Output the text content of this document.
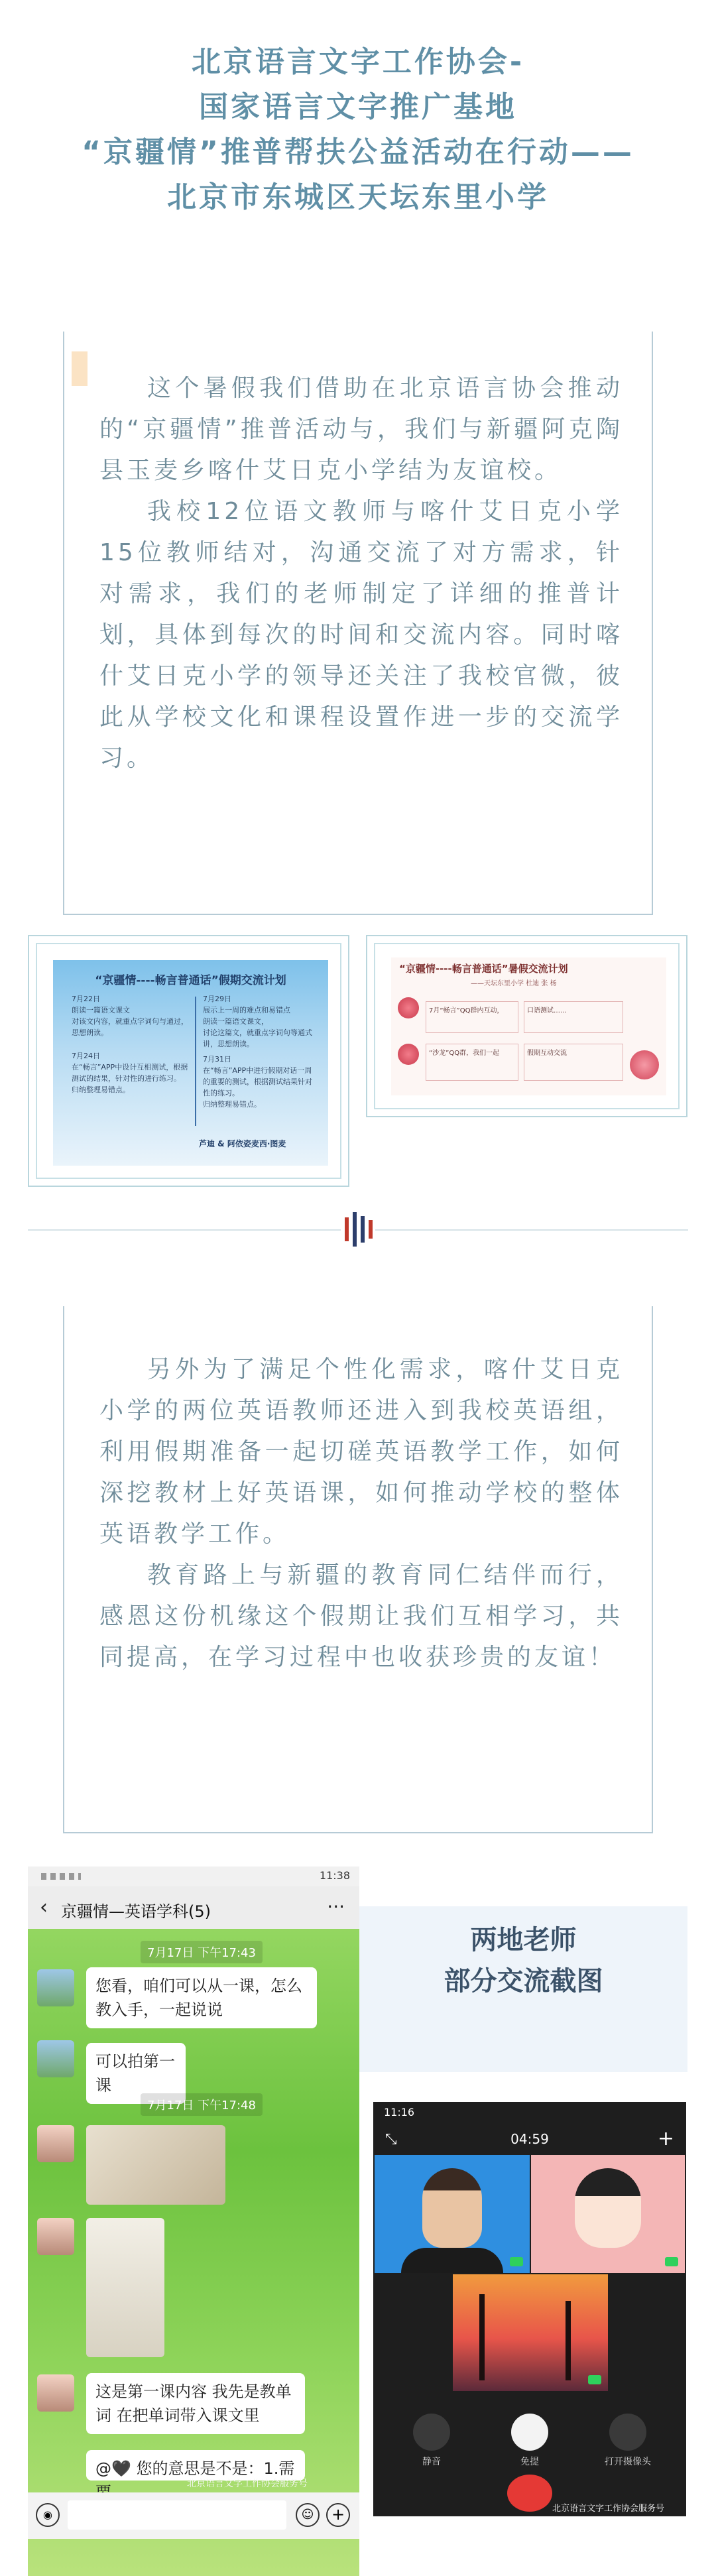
北京语言文字工作协会-
国家语言文字推广基地
“京疆情”推普帮扶公益活动在行动——
北京市东城区天坛东里小学

这个暑假我们借助在北京语言协会推动的“京疆情”推普活动与，我们与新疆阿克陶县玉麦乡喀什艾日克小学结为友谊校。

我校12位语文教师与喀什艾日克小学15位教师结对，沟通交流了对方需求，针对需求，我们的老师制定了详细的推普计划，具体到每次的时间和交流内容。同时喀什艾日克小学的领导还关注了我校官微，彼此从学校文化和课程设置作进一步的交流学习。

“京疆情----畅言普通话”假期交流计划
7月22日
朗读一篇语文课文
对该文内容，就重点字词句与通过，思想朗读。
7月24日
在“畅言”APP中设计互相测试，根据测试的结果，针对性的进行练习。
归纳整理易错点。
7月29日
展示上一周的难点和易错点
朗读一篇语文课文，
讨论这篇文，就重点字词句等通式讲，思想朗读。
7月31日
在“畅言”APP中进行假期对话一周的重要的测试，根据测试结果针对性的练习。
归纳整理易错点。
芦迪 & 阿依姿麦西·图麦
“京疆情----畅言普通话”暑假交流计划
——天坛东里小学 杜迪 张 杨
7月“畅言”QQ群内互动，	口语测试……
“沙龙”QQ群，我们一起	假期互动交流

另外为了满足个性化需求，喀什艾日克小学的两位英语教师还进入到我校英语组，利用假期准备一起切磋英语教学工作，如何深挖教材上好英语课，如何推动学校的整体英语教学工作。

教育路上与新疆的教育同仁结伴而行，感恩这份机缘这个假期让我们互相学习，共同提高，在学习过程中也收获珍贵的友谊！

11:38
‹ 京疆情—英语学科(5)	···
7月17日 下午17:43
您看，咱们可以从一课，怎么教入手，一起说说
可以拍第一课
7月17日 下午17:48
这是第一课内容 我先是教单词 在把单词带入课文里
@🖤 您的意思是不是：1.需
◉	☺	+
北京语言文字工作协会服务号
两地老师
部分交流截图
11:16
⤡	04:59	+
静音	免提	打开摄像头
北京语言文字工作协会服务号
